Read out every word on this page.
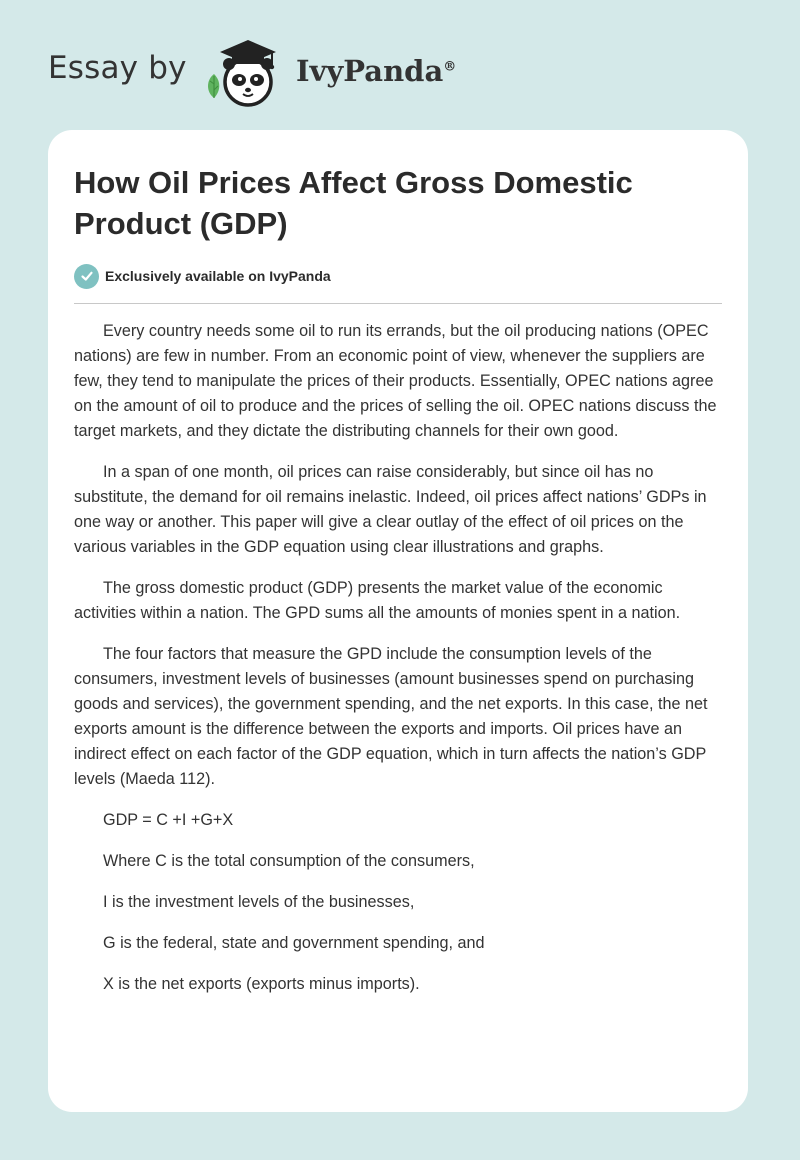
Essay by	IvyPanda®
How Oil Prices Affect Gross Domestic Product (GDP)
Exclusively available on IvyPanda

Every country needs some oil to run its errands, but the oil producing nations (OPEC nations) are few in number. From an economic point of view, whenever the suppliers are few, they tend to manipulate the prices of their products. Essentially, OPEC nations agree on the amount of oil to produce and the prices of selling the oil. OPEC nations discuss the target markets, and they dictate the distributing channels for their own good.

In a span of one month, oil prices can raise considerably, but since oil has no substitute, the demand for oil remains inelastic. Indeed, oil prices affect nations’ GDPs in one way or another. This paper will give a clear outlay of the effect of oil prices on the various variables in the GDP equation using clear illustrations and graphs.

The gross domestic product (GDP) presents the market value of the economic activities within a nation. The GPD sums all the amounts of monies spent in a nation.

The four factors that measure the GPD include the consumption levels of the consumers, investment levels of businesses (amount businesses spend on purchasing goods and services), the government spending, and the net exports. In this case, the net exports amount is the difference between the exports and imports. Oil prices have an indirect effect on each factor of the GDP equation, which in turn affects the nation’s GDP levels (Maeda 112).

GDP = C +I +G+X

Where C is the total consumption of the consumers,

I is the investment levels of the businesses,

G is the federal, state and government spending, and

X is the net exports (exports minus imports).
